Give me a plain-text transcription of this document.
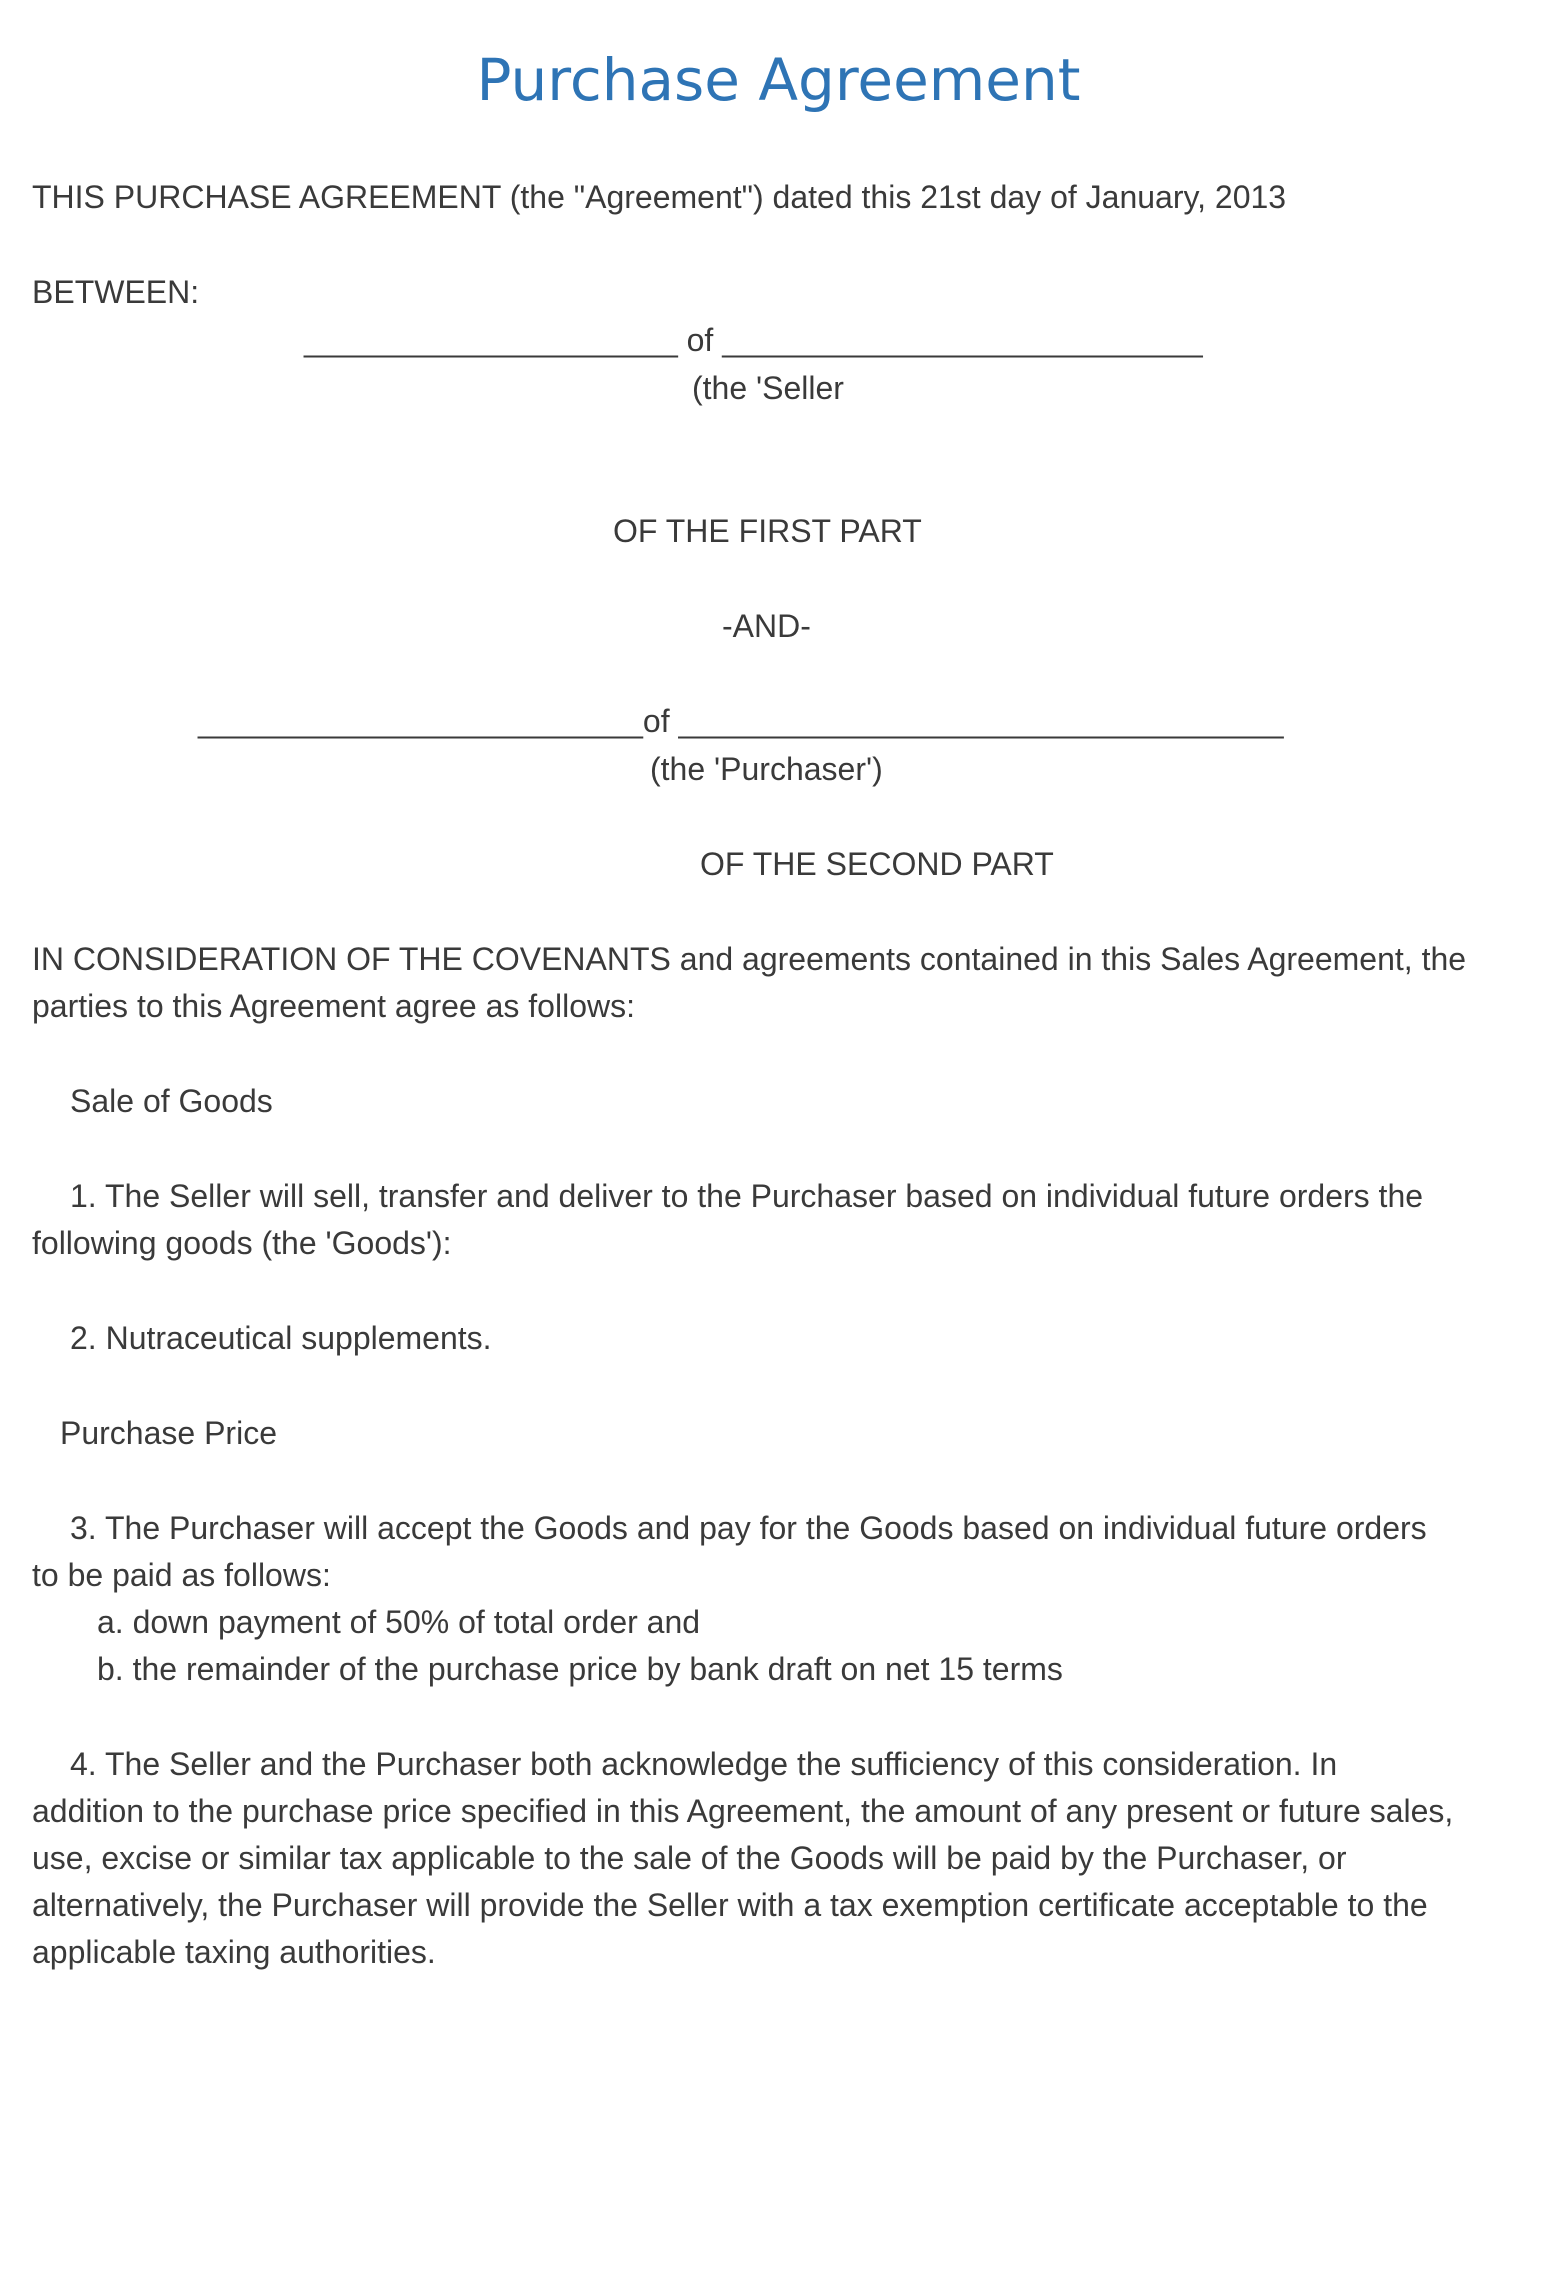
Purchase Agreement
THIS PURCHASE AGREEMENT (the "Agreement") dated this 21st day of January, 2013
BETWEEN:
_____________________ of ___________________________
(the 'Seller
OF THE FIRST PART
-AND-
_________________________of __________________________________
(the 'Purchaser')
OF THE SECOND PART
IN CONSIDERATION OF THE COVENANTS and agreements contained in this Sales Agreement, the
parties to this Agreement agree as follows:
Sale of Goods
1. The Seller will sell, transfer and deliver to the Purchaser based on individual future orders the
following goods (the 'Goods'):
2. Nutraceutical supplements.
Purchase Price
3. The Purchaser will accept the Goods and pay for the Goods based on individual future orders
to be paid as follows:
a. down payment of 50% of total order and
b. the remainder of the purchase price by bank draft on net 15 terms
4. The Seller and the Purchaser both acknowledge the sufficiency of this consideration. In
addition to the purchase price specified in this Agreement, the amount of any present or future sales,
use, excise or similar tax applicable to the sale of the Goods will be paid by the Purchaser, or
alternatively, the Purchaser will provide the Seller with a tax exemption certificate acceptable to the
applicable taxing authorities.
